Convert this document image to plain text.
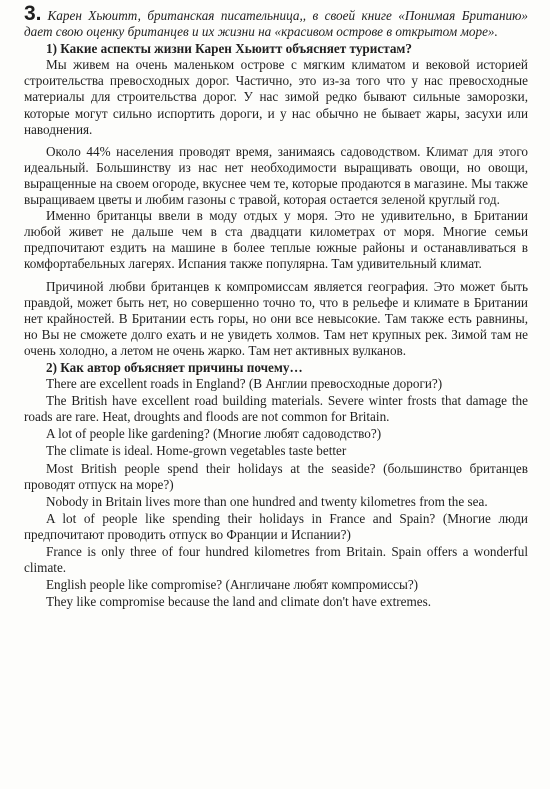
3. Карен Хьюитт, британская писательница,, в своей книге «Понимая Британию» дает свою оценку британцев и их жизни на «красивом острове в открытом море».

1) Какие аспекты жизни Карен Хьюитт объясняет туристам?

Мы живем на очень маленьком острове с мягким климатом и вековой историей строительства превосходных дорог. Частично, это из-за того что у нас превосходные материалы для строительства дорог. У нас зимой редко бывают сильные заморозки, которые могут сильно испортить дороги, и у нас обычно не бывает жары, засухи или наводнения.

Около 44% населения проводят время, занимаясь садоводством. Климат для этого идеальный. Большинству из нас нет необходимости выращивать овощи, но овощи, выращенные на своем огороде, вкуснее чем те, которые продаются в магазине. Мы также выращиваем цветы и любим газоны с травой, которая остается зеленой круглый год.

Именно британцы ввели в моду отдых у моря. Это не удивительно, в Британии любой живет не дальше чем в ста двадцати километрах от моря. Многие семьи предпочитают ездить на машине в более теплые южные районы и останавливаться в комфортабельных лагерях. Испания также популярна. Там удивительный климат.

Причиной любви британцев к компромиссам является география. Это может быть правдой, может быть нет, но совершенно точно то, что в рельефе и климате в Британии нет крайностей. В Британии есть горы, но они все невысокие. Там также есть равнины, но Вы не сможете долго ехать и не увидеть холмов. Там нет крупных рек. Зимой там не очень холодно, а летом не очень жарко. Там нет активных вулканов.

2) Как автор объясняет причины почему…

There are excellent roads in England? (В Англии превосходные дороги?)

The British have excellent road building materials. Severe winter frosts that damage the roads are rare. Heat, droughts and floods are not common for Britain.

A lot of people like gardening? (Многие любят садоводство?)

The climate is ideal. Home-grown vegetables taste better

Most British people spend their holidays at the seaside? (большинство британцев проводят отпуск на море?)

Nobody in Britain lives more than one hundred and twenty kilometres from the sea.

A lot of people like spending their holidays in France and Spain? (Многие люди предпочитают проводить отпуск во Франции и Испании?)

France is only three of four hundred kilometres from Britain. Spain offers a wonderful climate.

English people like compromise? (Англичане любят компромиссы?)

They like compromise because the land and climate don't have extremes.
